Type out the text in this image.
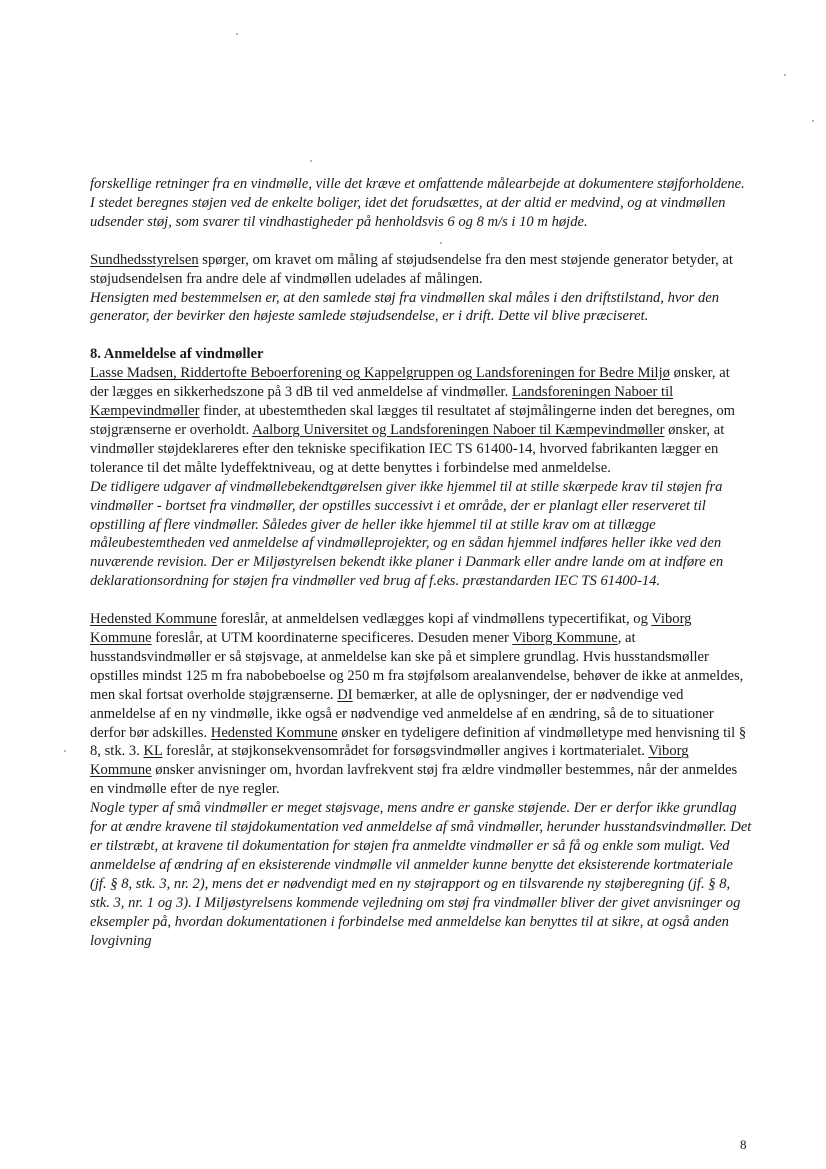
forskellige retninger fra en vindmølle, ville det kræve et omfattende målearbejde at dokumentere støjforholdene. I stedet beregnes støjen ved de enkelte boliger, idet det forudsættes, at der altid er medvind, og at vindmøllen udsender støj, som svarer til vindhastigheder på henholdsvis 6 og 8 m/s i 10 m højde.

Sundhedsstyrelsen spørger, om kravet om måling af støjudsendelse fra den mest støjende generator betyder, at støjudsendelsen fra andre dele af vindmøllen udelades af målingen.

Hensigten med bestemmelsen er, at den samlede støj fra vindmøllen skal måles i den driftstilstand, hvor den generator, der bevirker den højeste samlede støjudsendelse, er i drift. Dette vil blive præciseret.

8. Anmeldelse af vindmøller

Lasse Madsen, Riddertofte Beboerforening og Kappelgruppen og Landsforeningen for Bedre Miljø ønsker, at der lægges en sikkerhedszone på 3 dB til ved anmeldelse af vindmøller. Landsforeningen Naboer til Kæmpevindmøller finder, at ubestemtheden skal lægges til resultatet af støjmålingerne inden det beregnes, om støjgrænserne er overholdt. Aalborg Universitet og Landsforeningen Naboer til Kæmpevindmøller ønsker, at vindmøller støjdeklareres efter den tekniske specifikation IEC TS 61400-14, hvorved fabrikanten lægger en tolerance til det målte lydeffektniveau, og at dette benyttes i forbindelse med anmeldelse.

De tidligere udgaver af vindmøllebekendtgørelsen giver ikke hjemmel til at stille skærpede krav til støjen fra vindmøller - bortset fra vindmøller, der opstilles successivt i et område, der er planlagt eller reserveret til opstilling af flere vindmøller. Således giver de heller ikke hjemmel til at stille krav om at tillægge måleubestemtheden ved anmeldelse af vindmølleprojekter, og en sådan hjemmel indføres heller ikke ved den nuværende revision. Der er Miljøstyrelsen bekendt ikke planer i Danmark eller andre lande om at indføre en deklarationsordning for støjen fra vindmøller ved brug af f.eks. præstandarden IEC TS 61400-14.

Hedensted Kommune foreslår, at anmeldelsen vedlægges kopi af vindmøllens typecertifikat, og Viborg Kommune foreslår, at UTM koordinaterne specificeres. Desuden mener Viborg Kommune, at husstandsvindmøller er så støjsvage, at anmeldelse kan ske på et simplere grundlag. Hvis husstandsmøller opstilles mindst 125 m fra nabobeboelse og 250 m fra støjfølsom arealanvendelse, behøver de ikke at anmeldes, men skal fortsat overholde støjgrænserne. DI bemærker, at alle de oplysninger, der er nødvendige ved anmeldelse af en ny vindmølle, ikke også er nødvendige ved anmeldelse af en ændring, så de to situationer derfor bør adskilles. Hedensted Kommune ønsker en tydeligere definition af vindmølletype med henvisning til § 8, stk. 3. KL foreslår, at støjkonsekvensområdet for forsøgsvindmøller angives i kortmaterialet. Viborg Kommune ønsker anvisninger om, hvordan lavfrekvent støj fra ældre vindmøller bestemmes, når der anmeldes en vindmølle efter de nye regler.

Nogle typer af små vindmøller er meget støjsvage, mens andre er ganske støjende. Der er derfor ikke grundlag for at ændre kravene til støjdokumentation ved anmeldelse af små vindmøller, herunder husstandsvindmøller. Det er tilstræbt, at kravene til dokumentation for støjen fra anmeldte vindmøller er så få og enkle som muligt. Ved anmeldelse af ændring af en eksisterende vindmølle vil anmelder kunne benytte det eksisterende kortmateriale (jf. § 8, stk. 3, nr. 2), mens det er nødvendigt med en ny støjrapport og en tilsvarende ny støjberegning (jf. § 8, stk. 3, nr. 1 og 3). I Miljøstyrelsens kommende vejledning om støj fra vindmøller bliver der givet anvisninger og eksempler på, hvordan dokumentationen i forbindelse med anmeldelse kan benyttes til at sikre, at også anden lovgivning

8
